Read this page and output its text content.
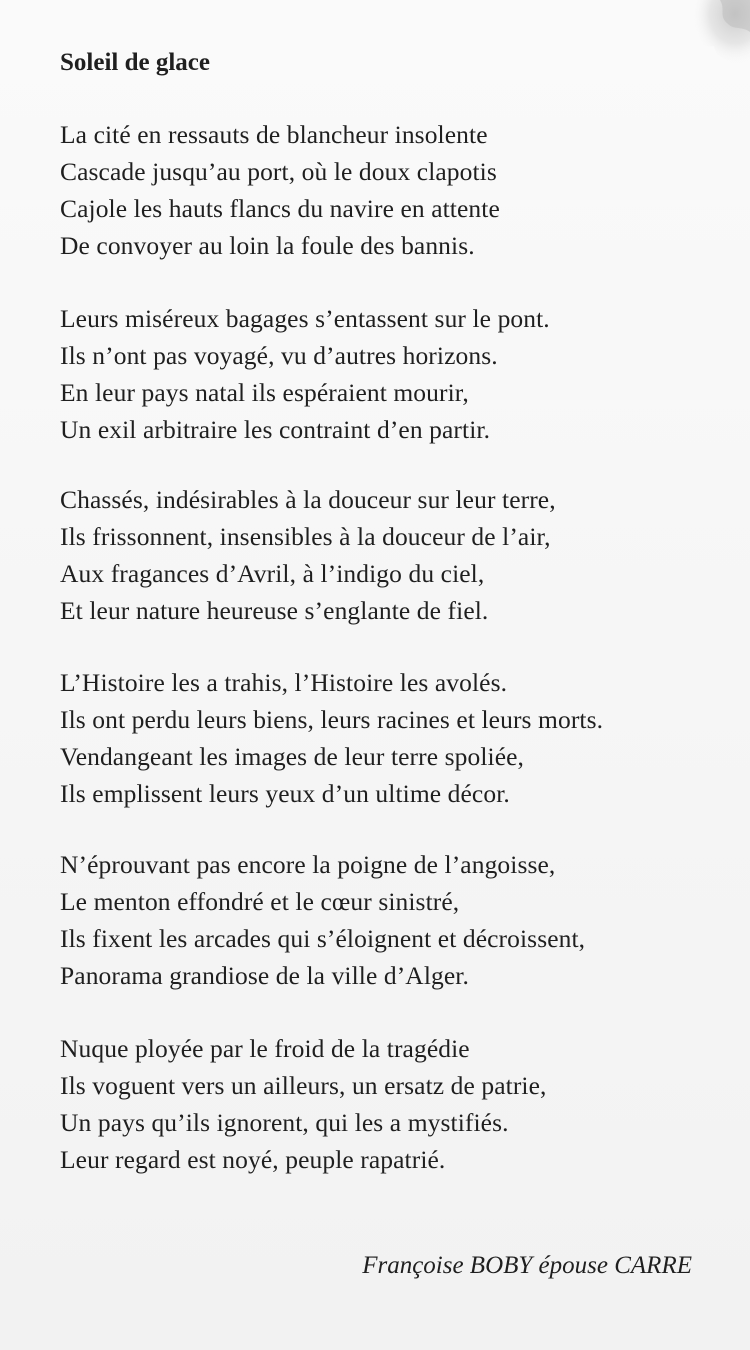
Soleil de glace
La cité en ressauts de blancheur insolente
Cascade jusqu’au port, où le doux clapotis
Cajole les hauts flancs du navire en attente
De convoyer au loin la foule des bannis.
Leurs miséreux bagages s’entassent sur le pont.
Ils n’ont pas voyagé, vu d’autres horizons.
En leur pays natal ils espéraient mourir,
Un exil arbitraire les contraint d’en partir.
Chassés, indésirables à la douceur sur leur terre,
Ils frissonnent, insensibles à la douceur de l’air,
Aux fragances d’Avril, à l’indigo du ciel,
Et leur nature heureuse s’englante de fiel.
L’Histoire les a trahis, l’Histoire les avolés.
Ils ont perdu leurs biens, leurs racines et leurs morts.
Vendangeant les images de leur terre spoliée,
Ils emplissent leurs yeux d’un ultime décor.
N’éprouvant pas encore la poigne de l’angoisse,
Le menton effondré et le cœur sinistré,
Ils fixent les arcades qui s’éloignent et décroissent,
Panorama grandiose de la ville d’Alger.
Nuque ployée par le froid de la tragédie
Ils voguent vers un ailleurs, un ersatz de patrie,
Un pays qu’ils ignorent, qui les a mystifiés.
Leur regard est noyé, peuple rapatrié.
Françoise BOBY épouse CARRE
